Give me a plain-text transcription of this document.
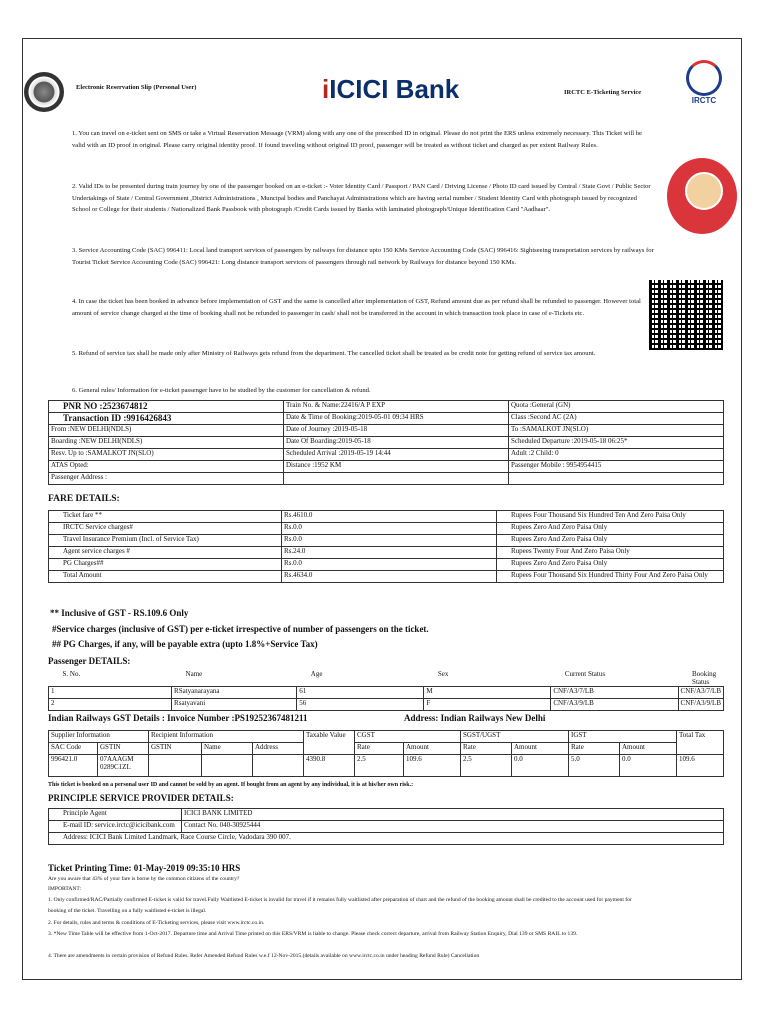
Electronic Reservation Slip (Personal User)	iICICI Bank	IRCTC E-Ticketing Service
IRCTC
1. You can travel on e-ticket sent on SMS or take a Virtual Reservation Message (VRM) along with any one of the prescribed ID in original. Please do not print the ERS unless extremely necessary. This Ticket will be valid with an ID proof in original. Please carry original identity proof. If found traveling without original ID proof, passenger will be treated as without ticket and charged as per extent Railway Rules.
2. Valid IDs to be presented during train journey by one of the passenger booked on an e-ticket :- Voter Identity Card / Passport / PAN Card / Driving License / Photo ID card issued by Central / State Govt / Public Sector Undertakings of State / Central Government ,District Administrations , Muncipal bodies and Panchayat Administrations which are having serial number / Student Identity Card with photograph issued by recognized School or College for their students / Nationalized Bank Passbook with photograph /Credit Cards issued by Banks with laminated photograph/Unique Identification Card "Aadhaar".
3. Service Accounting Code (SAC) 996411: Local land transport services of passengers by railways for distance upto 150 KMs Service Accounting Code (SAC) 996416: Sightseeing transportation services by railways for Tourist Ticket Service Accounting Code (SAC) 996421: Long distance transport services of passengers through rail network by Railways for distance beyond 150 KMs.
4. In case the ticket has been booked in advance before implementation of GST and the same is cancelled after implementation of GST, Refund amount due as per refund shall be refunded to passenger. However total amount of service change charged at the time of booking shall not be refunded to passenger in cash/ shall not be transferred in the account in which transaction took place in case of e-Tickets etc.
5. Refund of service tax shall be made only after Ministry of Railways gets refund from the department. The cancelled ticket shall be treated as be credit note for getting refund of service tax amount.
6. General rules/ Information for e-ticket passenger have to be studied by the customer for cancellation & refund.
PNR NO :2523674812	Train No. & Name:22416/A P EXP	Quota :General (GN)
Transaction ID :9916426843	Date & Time of Booking:2019-05-01 09:34 HRS	Class :Second AC (2A)
From :NEW DELHI(NDLS)	Date of Journey :2019-05-18	To :SAMALKOT JN(SLO)
Boarding :NEW DELHI(NDLS)	Date Of Boarding:2019-05-18	Scheduled Departure :2019-05-18 06:25*
Resv. Up to :SAMALKOT JN(SLO)	Scheduled Arrival :2019-05-19 14:44	Adult :2 Child: 0
ATAS Opted:	Distance :1952 KM	Passenger Mobile : 9954954415
Passenger Address :		
FARE DETAILS:
Ticket fare **	Rs.4610.0	Rupees Four Thousand Six Hundred Ten And Zero Paisa Only
IRCTC Service charges#	Rs.0.0	Rupees Zero And Zero Paisa Only
Travel Insurance Premium (Incl. of Service Tax)	Rs.0.0	Rupees Zero And Zero Paisa Only
Agent service charges #	Rs.24.0	Rupees Twenty Four And Zero Paisa Only
PG Charges##	Rs.0.0	Rupees Zero And Zero Paisa Only
Total Amount	Rs.4634.0	Rupees Four Thousand Six Hundred Thirty Four And Zero Paisa Only
** Inclusive of GST - RS.109.6 Only
#Service charges (inclusive of GST) per e-ticket irrespective of number of passengers on the ticket.
## PG Charges, if any, will be payable extra (upto 1.8%+Service Tax)
Passenger DETAILS:
S. No.	Name	Age	Sex	Current Status	Booking Status
1	RSatyanarayana	61	M	CNF/A3/7/LB	CNF/A3/7/LB
2	Rsatyavani	56	F	CNF/A3/9/LB	CNF/A3/9/LB
Indian Railways GST Details : Invoice Number :PS19252367481211	Address: Indian Railways New Delhi
Supplier Information		Recipient Information			Taxable Value	CGST		SGST/UGST		IGST		Total Tax
SAC Code	GSTIN	GSTIN	Name	Address		Rate	Amount	Rate	Amount	Rate	Amount	
996421.0	07AAAGM 0289C1ZL				4390.8	2.5	109.6	2.5	0.0	5.0	0.0	109.6
This ticket is booked on a personal user ID and cannot be sold by an agent. If bought from an agent by any individual, it is at his/her own risk.:
PRINCIPLE SERVICE PROVIDER DETAILS:
Principle Agent	ICICI BANK LIMITED
E-mail ID: service.irctc@icicibank.com	Contact No. 040-30925444
Address: ICICI Bank Limited Landmark, Race Course Circle, Vadodara 390 007.	
Ticket Printing Time: 01-May-2019 09:35:10 HRS
Are you aware that 43% of your fare is borne by the common citizens of the country?
IMPORTANT:
1. Only confirmed/RAC/Partially confirmed E-ticket is valid for travel.Fully Waitlisted E-ticket is invalid for travel if it remains fully waitlisted after preparation of chart and the refund of the booking amount shall be credited to the account used for payment for booking of the ticket. Travelling on a fully waitlisted e-ticket is illegal.
2. For details, rules and terms & conditions of E-Ticketing services, please visit www.irctc.co.in.
3. *New Time Table will be effective from 1-Oct-2017. Departure time and Arrival Time printed on this ERS/VRM is liable to change. Please check correct departure, arrival from Railway Station Enquiry, Dial 139 or SMS RAIL to 139.
4. There are amendments in certain provision of Refund Rules. Refer Amended Refund Rules w.e.f 12-Nov-2015.(details available on www.irctc.co.in under heading Refund Rule) Cancellation
